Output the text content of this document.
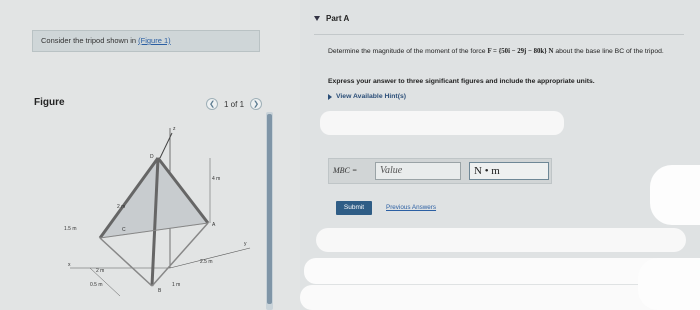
Consider the tripod shown in (Figure 1)
Figure	❮	1 of 1	❯
z
D
C
A
B
x
y
4 m
2 m
2 m
1.5 m
2.5 m
0.5 m	1 m
Part A
Determine the magnitude of the moment of the force F = {50i − 29j − 80k} N about the base line BC of the tripod.
Express your answer to three significant figures and include the appropriate units.
View Available Hint(s)
MBC =	Value	N • m
Submit	Previous Answers
